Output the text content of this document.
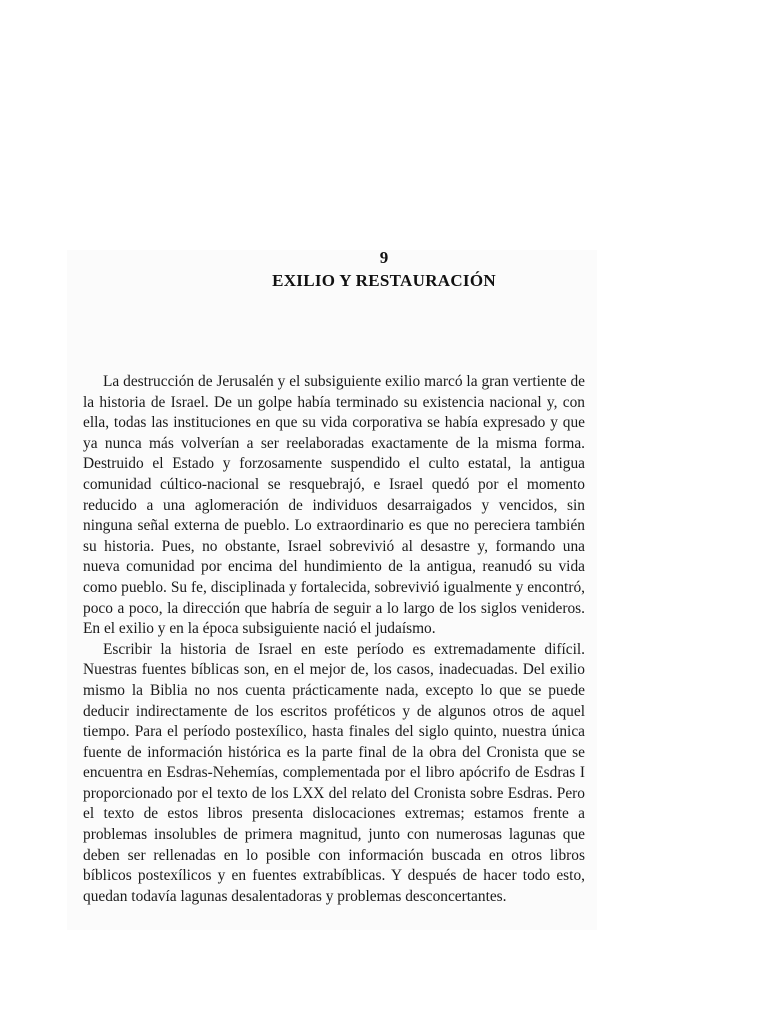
9
EXILIO Y RESTAURACIÓN

La destrucción de Jerusalén y el subsiguiente exilio marcó la gran vertiente de la historia de Israel. De un golpe había terminado su existencia nacional y, con ella, todas las instituciones en que su vida corporativa se había expresado y que ya nunca más volverían a ser reelaboradas exactamente de la misma forma. Destruido el Estado y forzosamente suspendido el culto estatal, la antigua comunidad cúltico-nacional se resquebrajó, e Israel quedó por el momento reducido a una aglomeración de individuos desarraigados y vencidos, sin ninguna señal externa de pueblo. Lo extraordinario es que no pereciera también su historia. Pues, no obstante, Israel sobrevivió al desastre y, formando una nueva comunidad por encima del hundimiento de la antigua, reanudó su vida como pueblo. Su fe, disciplinada y fortalecida, sobrevivió igualmente y encontró, poco a poco, la dirección que habría de seguir a lo largo de los siglos venideros. En el exilio y en la época subsiguiente nació el judaísmo.

Escribir la historia de Israel en este período es extremadamente difícil. Nuestras fuentes bíblicas son, en el mejor de, los casos, inadecuadas. Del exilio mismo la Biblia no nos cuenta prácticamente nada, excepto lo que se puede deducir indirectamente de los escritos proféticos y de algunos otros de aquel tiempo. Para el período postexílico, hasta finales del siglo quinto, nuestra única fuente de información histórica es la parte final de la obra del Cronista que se encuentra en Esdras-Nehemías, complementada por el libro apócrifo de Esdras I proporcionado por el texto de los LXX del relato del Cronista sobre Esdras. Pero el texto de estos libros presenta dislocaciones extremas; estamos frente a problemas insolubles de primera magnitud, junto con numerosas lagunas que deben ser rellenadas en lo posible con información buscada en otros libros bíblicos postexílicos y en fuentes extrabíblicas. Y después de hacer todo esto, quedan todavía lagunas desalentadoras y problemas desconcertantes.
